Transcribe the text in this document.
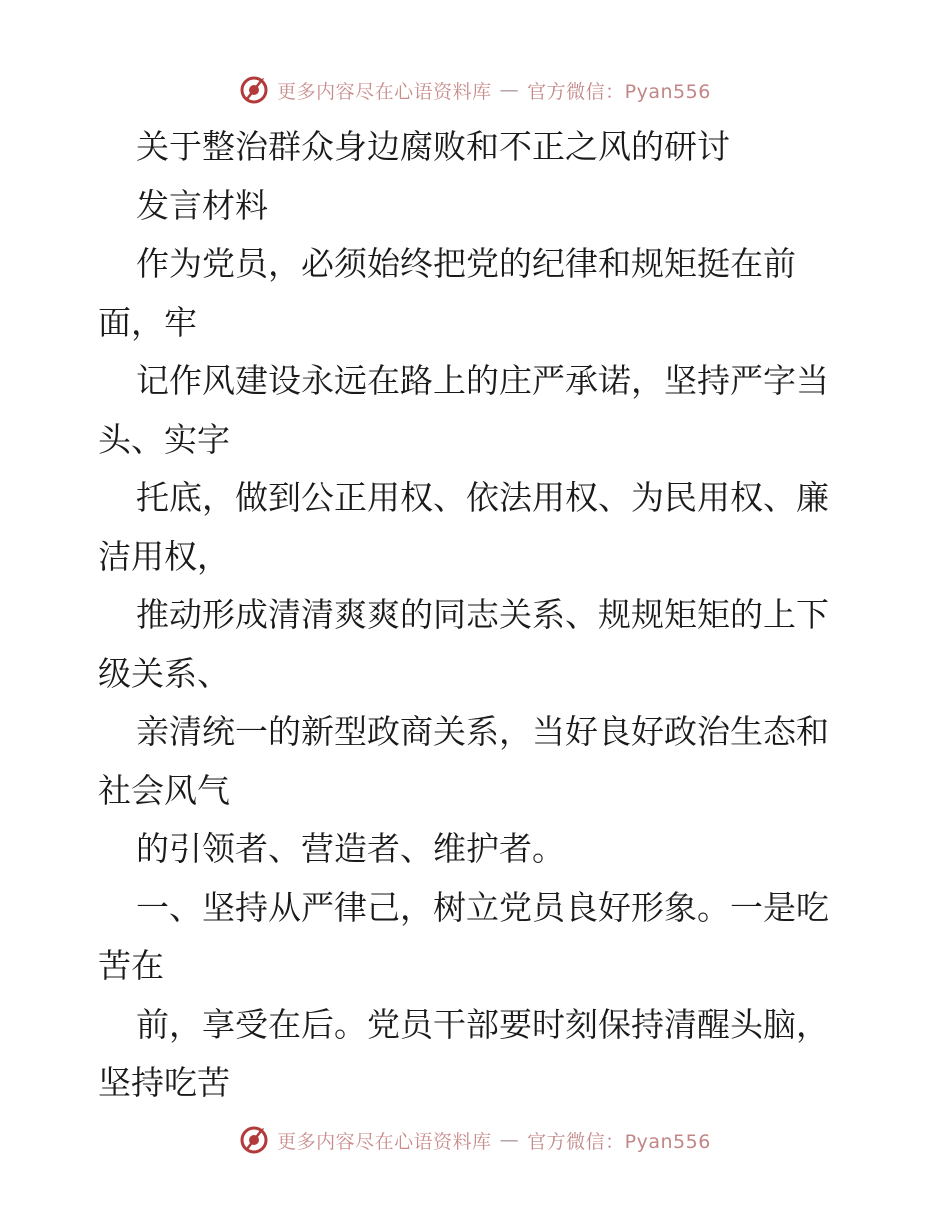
更多内容尽在心语资料库 — 官方微信：Pyan556
关于整治群众身边腐败和不正之风的研讨
发言材料
作为党员，必须始终把党的纪律和规矩挺在前
面，牢
记作风建设永远在路上的庄严承诺，坚持严字当
头、实字
托底，做到公正用权、依法用权、为民用权、廉
洁用权，
推动形成清清爽爽的同志关系、规规矩矩的上下
级关系、
亲清统一的新型政商关系，当好良好政治生态和
社会风气
的引领者、营造者、维护者。
一、坚持从严律己，树立党员良好形象。一是吃
苦在
前，享受在后。党员干部要时刻保持清醒头脑，
坚持吃苦
更多内容尽在心语资料库 — 官方微信：Pyan556
